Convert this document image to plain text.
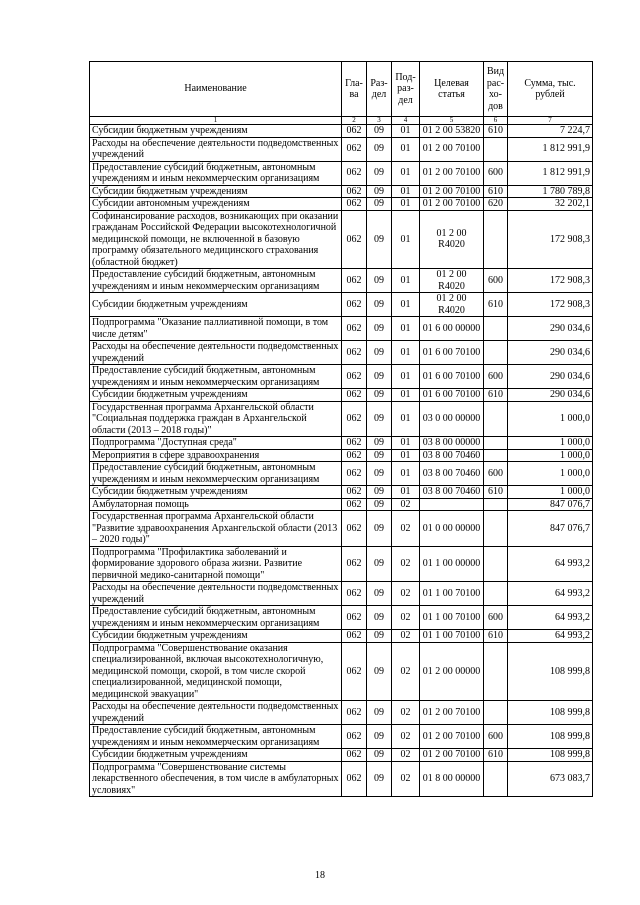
Наименование	Гла-ва	Раз-дел	Под-раз-дел	Целевая статья	Вид рас-хо-дов	Сумма, тыс. рублей
1	2	3	4	5	6	7
Субсидии бюджетным учреждениям	062	09	01	01 2 00 53820	610	7 224,7
Расходы на обеспечение деятельности подведомственных учреждений	062	09	01	01 2 00 70100		1 812 991,9
Предоставление субсидий бюджетным, автономным учреждениям и иным некоммерческим организациям	062	09	01	01 2 00 70100	600	1 812 991,9
Субсидии бюджетным учреждениям	062	09	01	01 2 00 70100	610	1 780 789,8
Субсидии автономным учреждениям	062	09	01	01 2 00 70100	620	32 202,1
Софинансирование расходов, возникающих при оказании гражданам Российской Федерации высокотехнологичной медицинской помощи, не включенной в базовую программу обязательного медицинского страхования (областной бюджет)	062	09	01	01 2 00 R4020		172 908,3
Предоставление субсидий бюджетным, автономным учреждениям и иным некоммерческим организациям	062	09	01	01 2 00 R4020	600	172 908,3
Субсидии бюджетным учреждениям	062	09	01	01 2 00 R4020	610	172 908,3
Подпрограмма "Оказание паллиативной помощи, в том числе детям"	062	09	01	01 6 00 00000		290 034,6
Расходы на обеспечение деятельности подведомственных учреждений	062	09	01	01 6 00 70100		290 034,6
Предоставление субсидий бюджетным, автономным учреждениям и иным некоммерческим организациям	062	09	01	01 6 00 70100	600	290 034,6
Субсидии бюджетным учреждениям	062	09	01	01 6 00 70100	610	290 034,6
Государственная программа Архангельской области "Социальная поддержка граждан в Архангельской области (2013 – 2018 годы)"	062	09	01	03 0 00 00000		1 000,0
Подпрограмма "Доступная среда"	062	09	01	03 8 00 00000		1 000,0
Мероприятия в сфере здравоохранения	062	09	01	03 8 00 70460		1 000,0
Предоставление субсидий бюджетным, автономным учреждениям и иным некоммерческим организациям	062	09	01	03 8 00 70460	600	1 000,0
Субсидии бюджетным учреждениям	062	09	01	03 8 00 70460	610	1 000,0
Амбулаторная помощь	062	09	02			847 076,7
Государственная программа Архангельской области "Развитие здравоохранения Архангельской области (2013 – 2020 годы)"	062	09	02	01 0 00 00000		847 076,7
Подпрограмма "Профилактика заболеваний и формирование здорового образа жизни. Развитие первичной медико-санитарной помощи"	062	09	02	01 1 00 00000		64 993,2
Расходы на обеспечение деятельности подведомственных учреждений	062	09	02	01 1 00 70100		64 993,2
Предоставление субсидий бюджетным, автономным учреждениям и иным некоммерческим организациям	062	09	02	01 1 00 70100	600	64 993,2
Субсидии бюджетным учреждениям	062	09	02	01 1 00 70100	610	64 993,2
Подпрограмма "Совершенствование оказания специализированной, включая высокотехнологичную, медицинской помощи, скорой, в том числе скорой специализированной, медицинской помощи, медицинской эвакуации"	062	09	02	01 2 00 00000		108 999,8
Расходы на обеспечение деятельности подведомственных учреждений	062	09	02	01 2 00 70100		108 999,8
Предоставление субсидий бюджетным, автономным учреждениям и иным некоммерческим организациям	062	09	02	01 2 00 70100	600	108 999,8
Субсидии бюджетным учреждениям	062	09	02	01 2 00 70100	610	108 999,8
Подпрограмма "Совершенствование системы лекарственного обеспечения, в том числе в амбулаторных условиях"	062	09	02	01 8 00 00000		673 083,7
18
